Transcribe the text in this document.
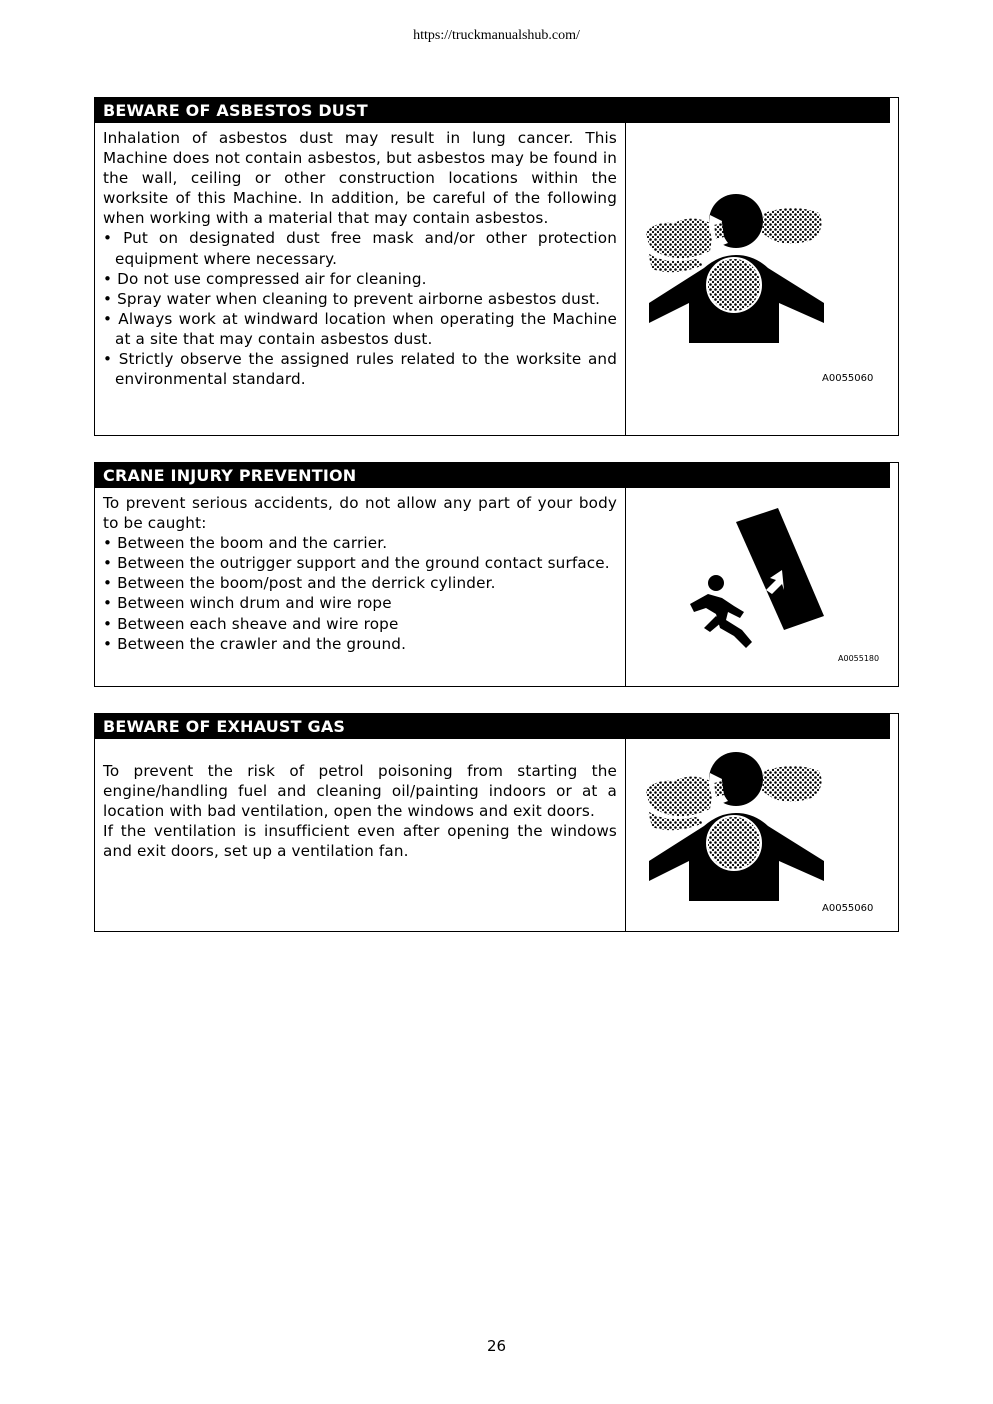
https://truckmanualshub.com/
BEWARE OF ASBESTOS DUST

Inhalation of asbestos dust may result in lung cancer. This Machine does not contain asbestos, but asbestos may be found in the wall, ceiling or other construction locations within the worksite of this Machine. In addition, be careful of the following when working with a material that may contain asbestos.

• Put on designated dust free mask and/or other protection equipment where necessary.

• Do not use compressed air for cleaning.

• Spray water when cleaning to prevent airborne asbestos dust.

• Always work at windward location when operating the Machine at a site that may contain asbestos dust.

• Strictly observe the assigned rules related to the worksite and environmental standard.	A0055060
CRANE INJURY PREVENTION

To prevent serious accidents, do not allow any part of your body to be caught:

• Between the boom and the carrier.

• Between the outrigger support and the ground contact surface.

• Between the boom/post and the derrick cylinder.

• Between winch drum and wire rope

• Between each sheave and wire rope

• Between the crawler and the ground.

A0055180
BEWARE OF EXHAUST GAS

To prevent the risk of petrol poisoning from starting the engine/handling fuel and cleaning oil/painting indoors or at a location with bad ventilation, open the windows and exit doors.

If the ventilation is insufficient even after opening the windows and exit doors, set up a ventilation fan.

A0055060
26
